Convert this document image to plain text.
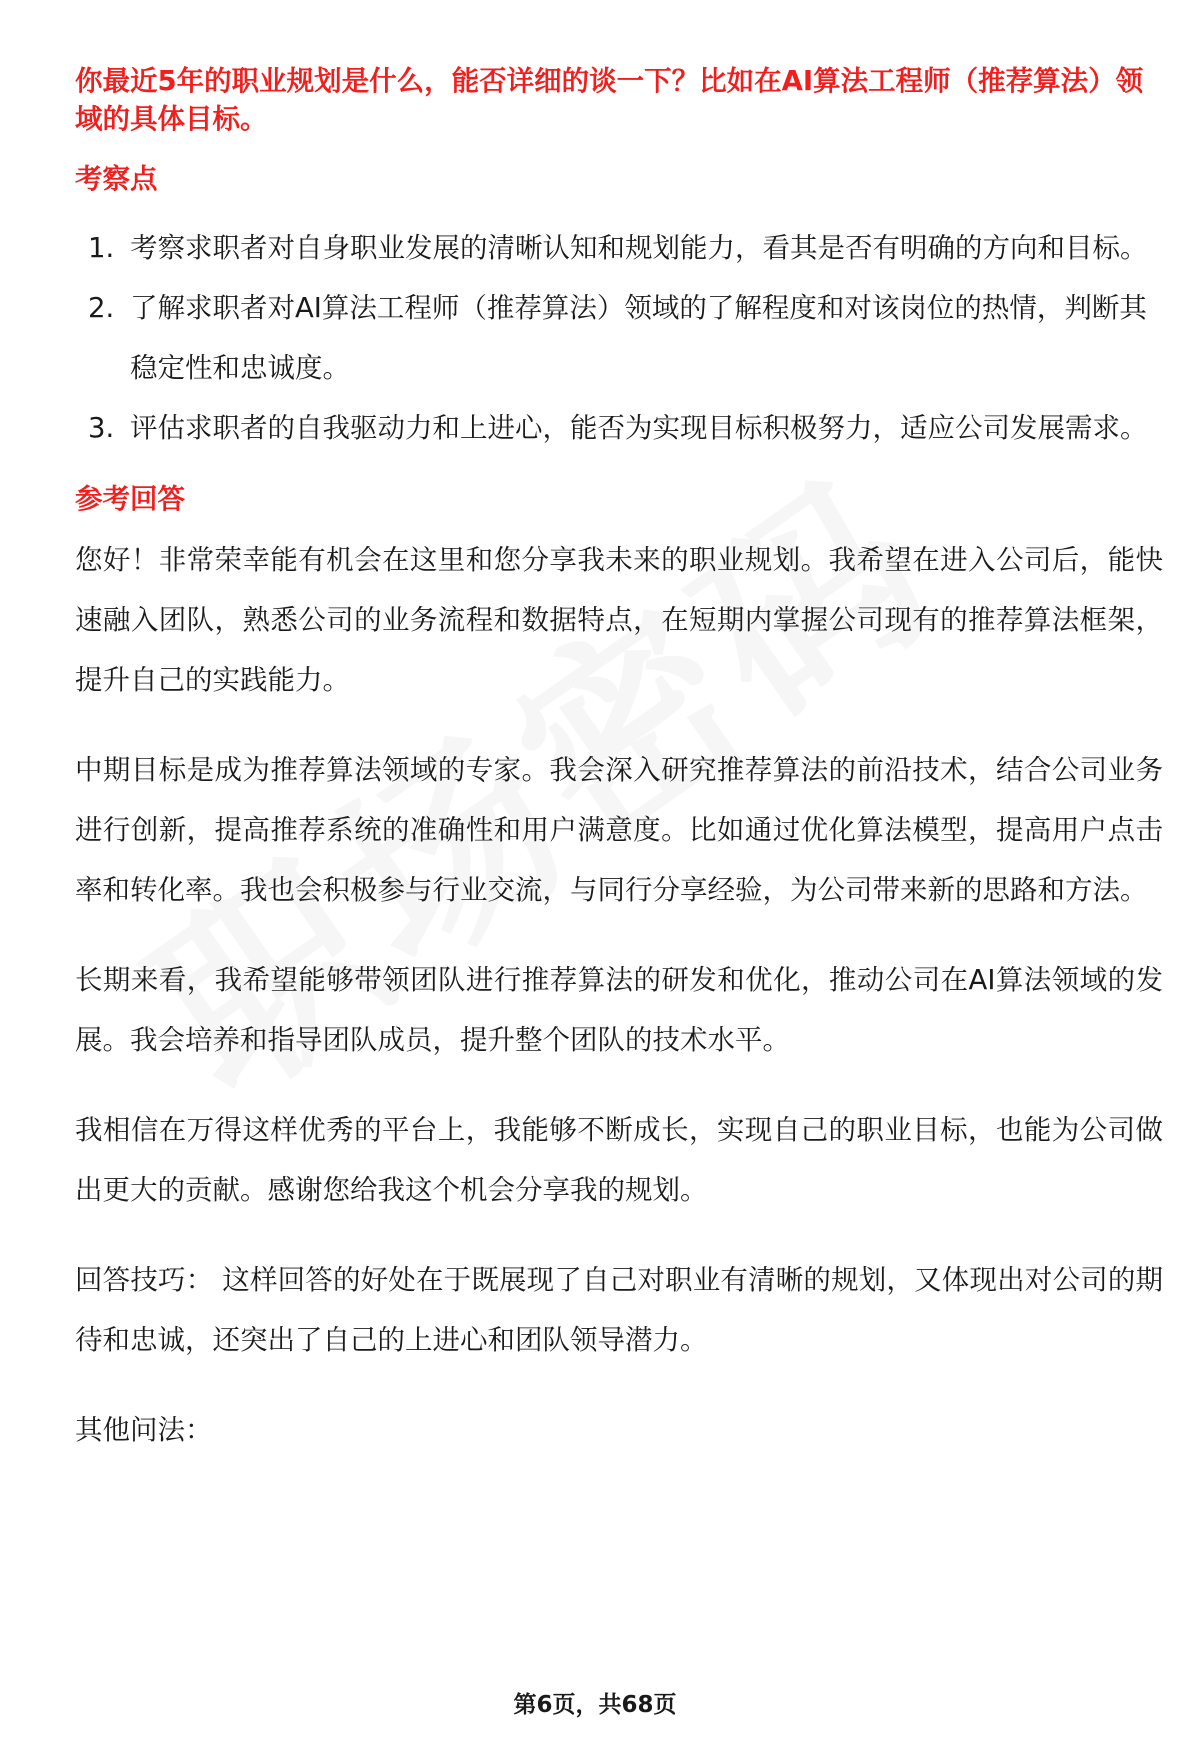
你最近5年的职业规划是什么，能否详细的谈一下？比如在AI算法工程师（推荐算法）领域的具体目标。

考察点

1. 考察求职者对自身职业发展的清晰认知和规划能力，看其是否有明确的方向和目标。
2. 了解求职者对AI算法工程师（推荐算法）领域的了解程度和对该岗位的热情，判断其稳定性和忠诚度。
3. 评估求职者的自我驱动力和上进心，能否为实现目标积极努力，适应公司发展需求。

参考回答

您好！非常荣幸能有机会在这里和您分享我未来的职业规划。我希望在进入公司后，能快速融入团队，熟悉公司的业务流程和数据特点，在短期内掌握公司现有的推荐算法框架，提升自己的实践能力。

中期目标是成为推荐算法领域的专家。我会深入研究推荐算法的前沿技术，结合公司业务进行创新，提高推荐系统的准确性和用户满意度。比如通过优化算法模型，提高用户点击率和转化率。我也会积极参与行业交流，与同行分享经验，为公司带来新的思路和方法。

长期来看，我希望能够带领团队进行推荐算法的研发和优化，推动公司在AI算法领域的发展。我会培养和指导团队成员，提升整个团队的技术水平。

我相信在万得这样优秀的平台上，我能够不断成长，实现自己的职业目标，也能为公司做出更大的贡献。感谢您给我这个机会分享我的规划。

回答技巧： 这样回答的好处在于既展现了自己对职业有清晰的规划，又体现出对公司的期待和忠诚，还突出了自己的上进心和团队领导潜力。

其他问法：

第6页，共68页
